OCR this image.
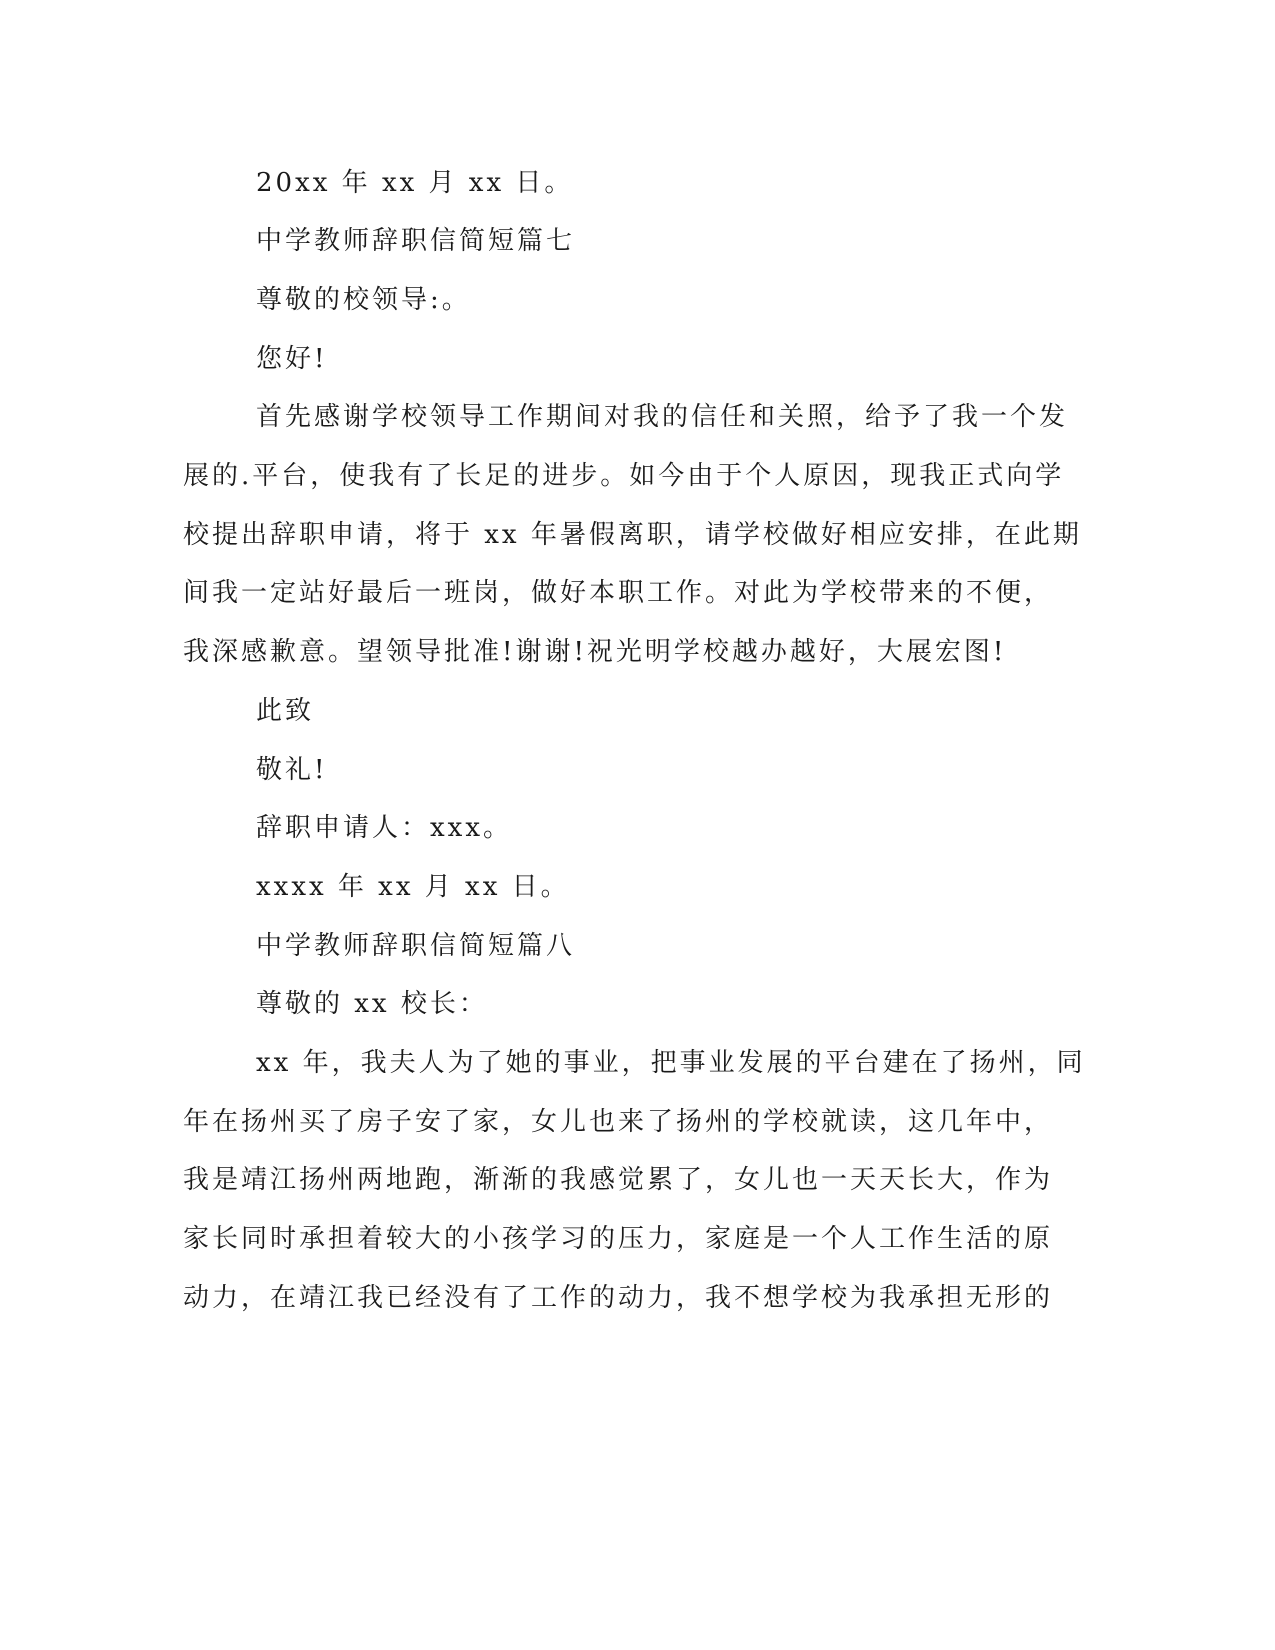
20xx 年 xx 月 xx 日。
中学教师辞职信简短篇七
尊敬的校领导:。
您好!
首先感谢学校领导工作期间对我的信任和关照，给予了我一个发
展的.平台，使我有了长足的进步。如今由于个人原因，现我正式向学
校提出辞职申请，将于 xx 年暑假离职，请学校做好相应安排，在此期
间我一定站好最后一班岗，做好本职工作。对此为学校带来的不便，
我深感歉意。望领导批准!谢谢!祝光明学校越办越好，大展宏图!
此致
敬礼!
辞职申请人：xxx。
xxxx 年 xx 月 xx 日。
中学教师辞职信简短篇八
尊敬的 xx 校长：
xx 年，我夫人为了她的事业，把事业发展的平台建在了扬州，同
年在扬州买了房子安了家，女儿也来了扬州的学校就读，这几年中，
我是靖江扬州两地跑，渐渐的我感觉累了，女儿也一天天长大，作为
家长同时承担着较大的小孩学习的压力，家庭是一个人工作生活的原
动力，在靖江我已经没有了工作的动力，我不想学校为我承担无形的
